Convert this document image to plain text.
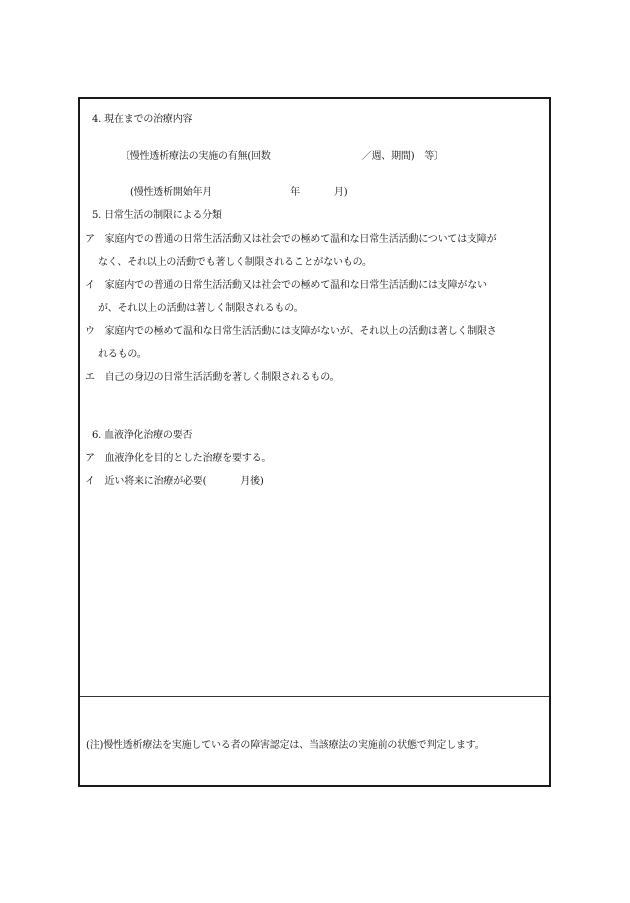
4. 現在までの治療内容
〔慢性透析療法の実施の有無(回数	／週、期間)　等〕
(慢性透析開始年月	年	月)
5. 日常生活の制限による分類
ア　家庭内での普通の日常生活活動又は社会での極めて温和な日常生活活動については支障が
なく、それ以上の活動でも著しく制限されることがないもの。
イ　家庭内での普通の日常生活活動又は社会での極めて温和な日常生活活動には支障がない
が、それ以上の活動は著しく制限されるもの。
ウ　家庭内での極めて温和な日常生活活動には支障がないが、それ以上の活動は著しく制限さ
れるもの。
エ　自己の身辺の日常生活活動を著しく制限されるもの。
6. 血液浄化治療の要否
ア　血液浄化を目的とした治療を要する。
イ　近い将来に治療が必要(	月後)
(注)慢性透析療法を実施している者の障害認定は、当該療法の実施前の状態で判定します。
